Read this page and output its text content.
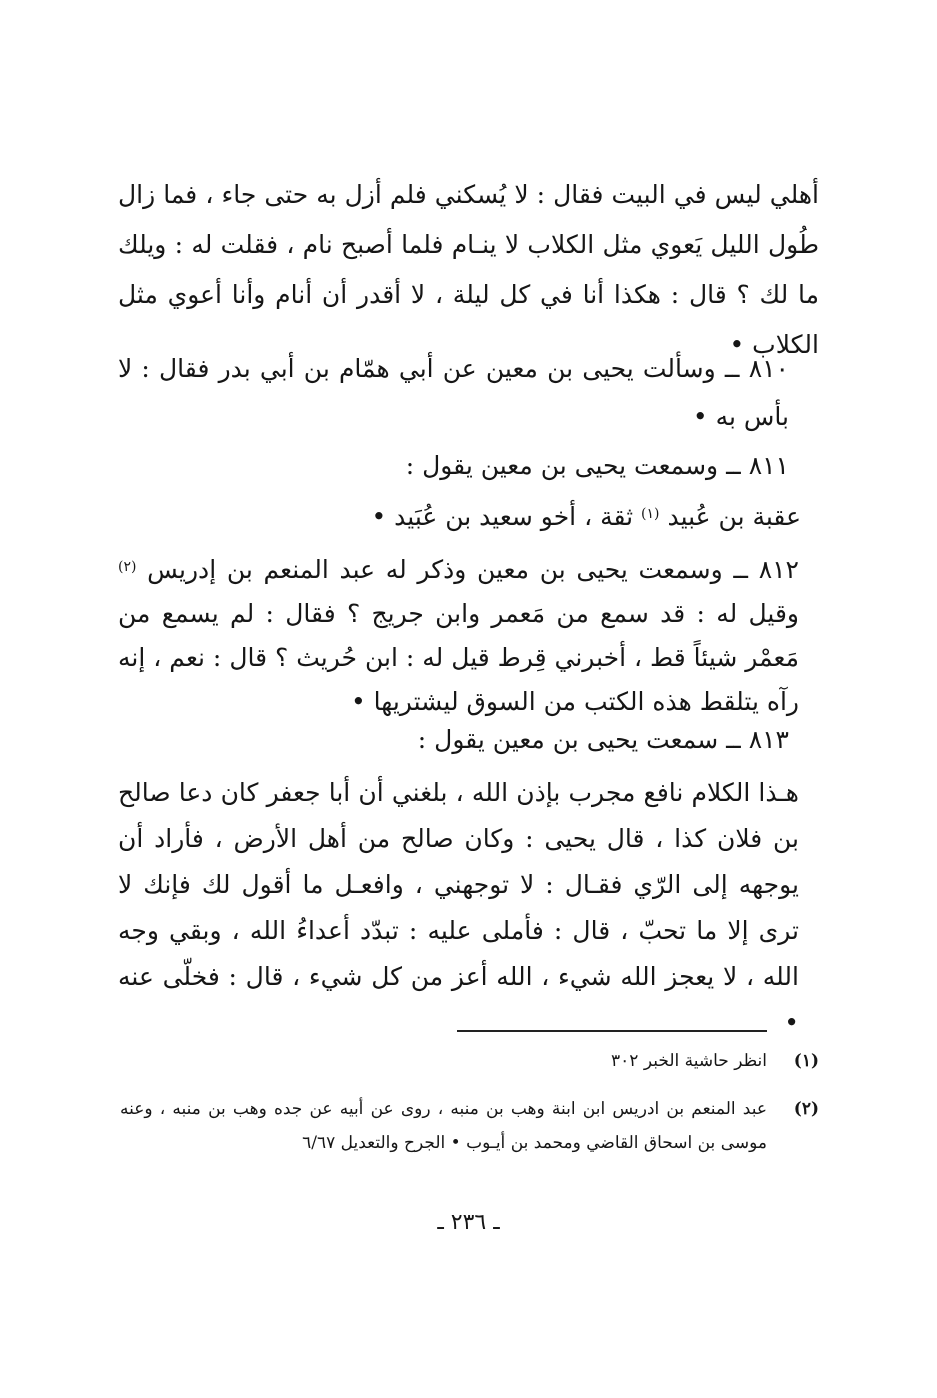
أهلي ليس في البيت فقال : لا يُسكني فلم أزل به حتى جاء ، فما زال طُول الليل يَعوي مثل الكلاب لا ينـام فلما أصبح نام ، فقلت له : ويلك ما لك ؟ قال : هكذا أنا في كل ليلة ، لا أقدر أن أنام وأنا أعوي مثل الكلاب •

٨١٠ ــ وسألت يحيى بن معين عن أبي همّام بن أبي بدر فقال : لا بأس به •

٨١١ ــ وسمعت يحيى بن معين يقول :

عقبة بن عُبيد $^{(١)}$ ثقة ، أخو سعيد بن عُبَيد •

٨١٢ ــ وسمعت يحيى بن معين وذكر له عبد المنعم بن إدريس $^{(٢)}$ وقيل له : قد سمع من مَعمر وابن جريج ؟ فقال : لم يسمع من مَعمْر شيئاً قط ، أخبرني قِرط قيل له : ابن حُريث ؟ قال : نعم ، إنه رآه يتلقط هذه الكتب من السوق ليشتريها •

٨١٣ ــ سمعت يحيى بن معين يقول :

هـذا الكلام نافع مجرب بإذن الله ، بلغني أن أبا جعفر كان دعا صالح بن فلان كذا ، قال يحيى : وكان صالح من أهل الأرض ، فأراد أن يوجهه إلى الرّي فقـال : لا توجهني ، وافعـل ما أقول لك فإنك لا ترى إلا ما تحبّ ، قال : فأملى عليه : تبدّد أعداءُ الله ، وبقي وجه الله ، لا يعجز الله شيء ، الله أعز من كل شيء ، قال : فخلّى عنه •

(١)
انظر حاشية الخبر ٣٠٢
(٢)
عبد المنعم بن ادريس ابن ابنة وهب بن منبه ، روى عن أبيه عن جده وهب بن منبه ، وعنه موسى بن اسحاق القاضي ومحمد بن أيـوب • الجرح والتعديل ٦/٦٧
ـ ٢٣٦ ـ
